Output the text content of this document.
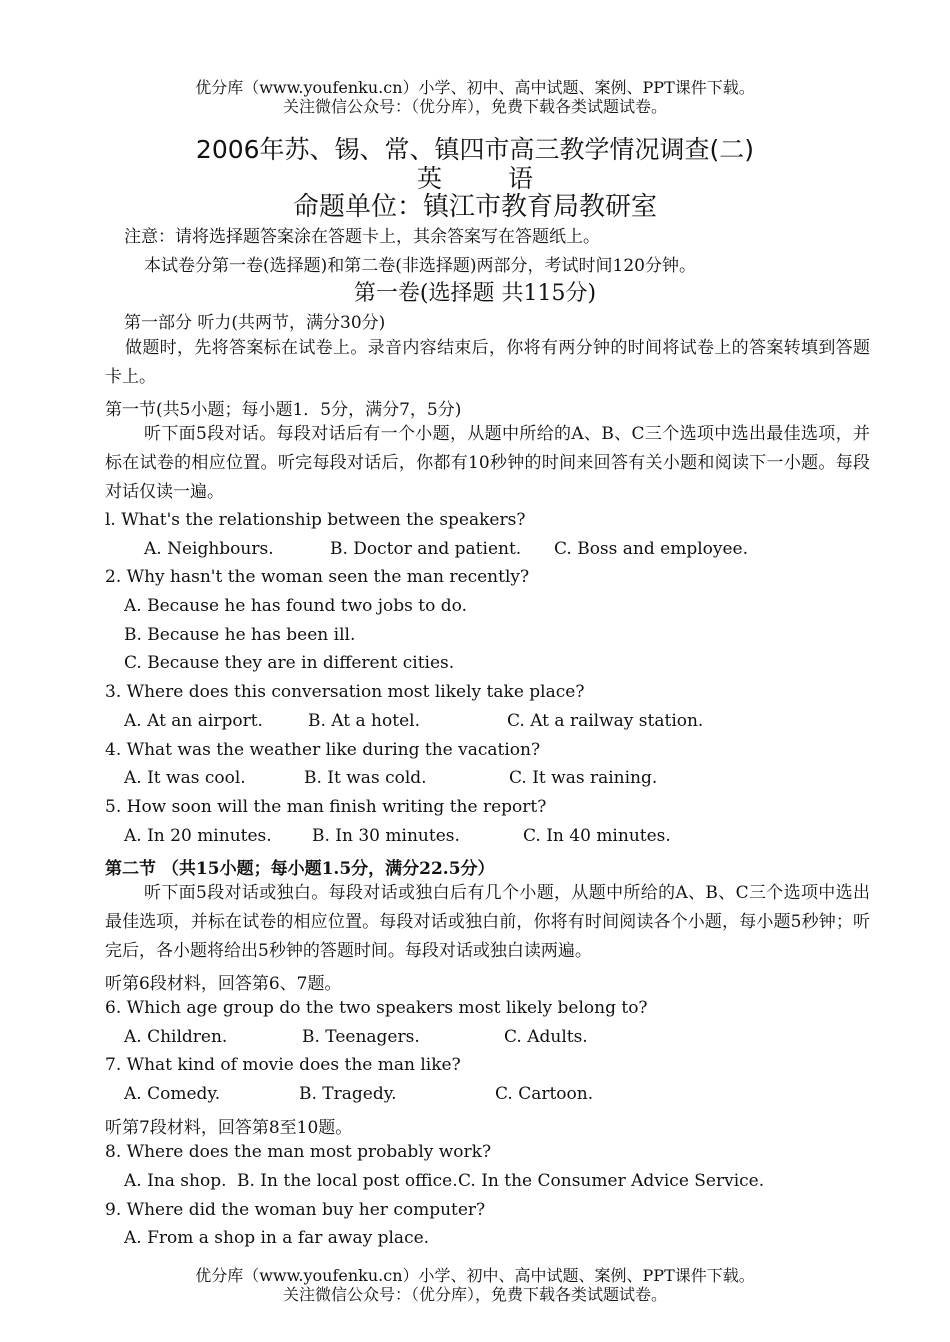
优分库（www.youfenku.cn）小学、初中、高中试题、案例、PPT课件下载。
关注微信公众号：（优分库），免费下载各类试题试卷。
2006年苏、锡、常、镇四市高三教学情况调查(二)
英	语
命题单位：镇江市教育局教研室
注意：请将选择题答案涂在答题卡上，其余答案写在答题纸上。
本试卷分第一卷(选择题)和第二卷(非选择题)两部分，考试时间120分钟。
第一卷(选择题 共115分)
第一部分 听力(共两节，满分30分)
做题时，先将答案标在试卷上。录音内容结束后，你将有两分钟的时间将试卷上的答案转填到答题卡上。
第一节(共5小题；每小题1．5分，满分7，5分)
听下面5段对话。每段对话后有一个小题，从题中所给的A、B、C三个选项中选出最佳选项，并标在试卷的相应位置。听完每段对话后，你都有10秒钟的时间来回答有关小题和阅读下一小题。每段对话仅读一遍。
l. What's the relationship between the speakers?
A. Neighbours.	B. Doctor and patient. C. Boss and employee.
2. Why hasn't the woman seen the man recently?
A. Because he has found two jobs to do.
B. Because he has been ill.
C. Because they are in different cities.
3. Where does this conversation most likely take place?
A. At an airport.	B. At a hotel.	C. At a railway station.
4. What was the weather like during the vacation?
A. It was cool.	B. It was cold.	C. It was raining.
5. How soon will the man finish writing the report?
A. In 20 minutes. B. In 30 minutes.	C. In 40 minutes.
第二节 （共15小题；每小题1.5分，满分22.5分）
听下面5段对话或独白。每段对话或独白后有几个小题，从题中所给的A、B、C三个选项中选出最佳选项，并标在试卷的相应位置。每段对话或独白前，你将有时间阅读各个小题，每小题5秒钟；听完后，各小题将给出5秒钟的答题时间。每段对话或独白读两遍。
听第6段材料，回答第6、7题。
6. Which age group do the two speakers most likely belong to?
A. Children.	B. Teenagers.	C. Adults.
7. What kind of movie does the man like?
A. Comedy.	B. Tragedy.	C. Cartoon.
听第7段材料，回答第8至10题。
8. Where does the man most probably work?
A. Ina shop. B. In the local post office. C. In the Consumer Advice Service.
9. Where did the woman buy her computer?
A. From a shop in a far away place.
优分库（www.youfenku.cn）小学、初中、高中试题、案例、PPT课件下载。
关注微信公众号：（优分库），免费下载各类试题试卷。
